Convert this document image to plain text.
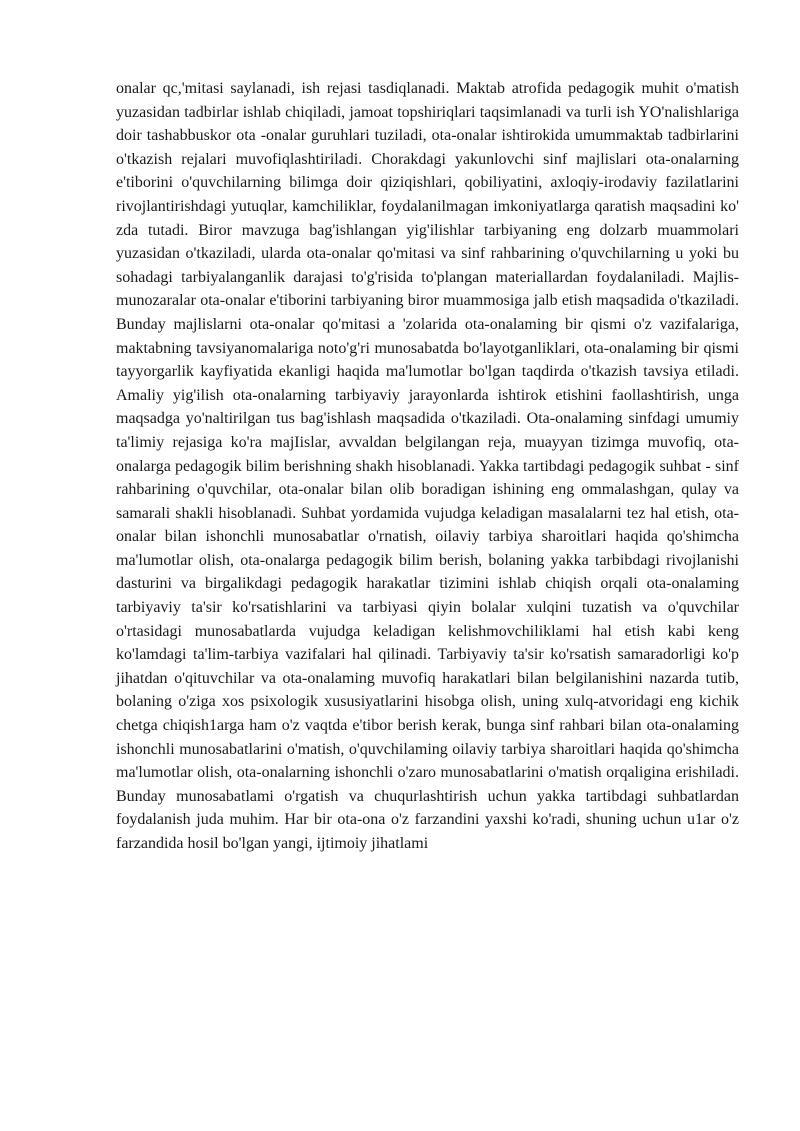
onalar qc,'mitasi saylanadi, ish rejasi tasdiqlanadi. Maktab atrofida pedagogik muhit o'matish yuzasidan tadbirlar ishlab chiqiladi, jamoat topshiriqlari taqsimlanadi va turli ish YO'nalishlariga doir tashabbuskor ota -onalar guruhlari tuziladi, ota-onalar ishtirokida umummaktab tadbirlarini o'tkazish rejalari muvofiqlashtiriladi. Chorakdagi yakunlovchi sinf majlislari ota-onalarning e'tiborini o'quvchilarning bilimga doir qiziqishlari, qobiliyatini, axloqiy-irodaviy fazilatlarini rivojlantirishdagi yutuqlar, kamchiliklar, foydalanilmagan imkoniyatlarga qaratish maqsadini ko' zda tutadi. Biror mavzuga bag'ishlangan yig'ilishlar tarbiyaning eng dolzarb muammolari yuzasidan o'tkaziladi, ularda ota-onalar qo'mitasi va sinf rahbarining o'quvchilarning u yoki bu sohadagi tarbiyalanganlik darajasi to'g'risida to'plangan materiallardan foydalaniladi. Majlis-munozaralar ota-onalar e'tiborini tarbiyaning biror muammosiga jalb etish maqsadida o'tkaziladi. Bunday majlislarni ota-onalar qo'mitasi a 'zolarida ota-onalaming bir qismi o'z vazifalariga, maktabning tavsiyanomalariga noto'g'ri munosabatda bo'layotganliklari, ota-onalaming bir qismi tayyorgarlik kayfiyatida ekanligi haqida ma'lumotlar bo'lgan taqdirda o'tkazish tavsiya etiladi. Amaliy yig'ilish ota-onalarning tarbiyaviy jarayonlarda ishtirok etishini faollashtirish, unga maqsadga yo'naltirilgan tus bag'ishlash maqsadida o'tkaziladi. Ota-onalaming sinfdagi umumiy ta'limiy rejasiga ko'ra majIislar, avvaldan belgilangan reja, muayyan tizimga muvofiq, ota-onalarga pedagogik bilim berishning shakh hisoblanadi. Yakka tartibdagi pedagogik suhbat - sinf rahbarining o'quvchilar, ota-onalar bilan olib boradigan ishining eng ommalashgan, qulay va samarali shakli hisoblanadi. Suhbat yordamida vujudga keladigan masalalarni tez hal etish, ota-onalar bilan ishonchli munosabatlar o'rnatish, oilaviy tarbiya sharoitlari haqida qo'shimcha ma'lumotlar olish, ota-onalarga pedagogik bilim berish, bolaning yakka tarbibdagi rivojlanishi dasturini va birgalikdagi pedagogik harakatlar tizimini ishlab chiqish orqali ota-onalaming tarbiyaviy ta'sir ko'rsatishlarini va tarbiyasi qiyin bolalar xulqini tuzatish va o'quvchilar o'rtasidagi munosabatlarda vujudga keladigan kelishmovchiliklami hal etish kabi keng ko'lamdagi ta'lim-tarbiya vazifalari hal qilinadi. Tarbiyaviy ta'sir ko'rsatish samaradorligi ko'p jihatdan o'qituvchilar va ota-onalaming muvofiq harakatlari bilan belgilanishini nazarda tutib, bolaning o'ziga xos psixologik xususiyatlarini hisobga olish, uning xulq-atvoridagi eng kichik chetga chiqish1arga ham o'z vaqtda e'tibor berish kerak, bunga sinf rahbari bilan ota-onalaming ishonchli munosabatlarini o'matish, o'quvchilaming oilaviy tarbiya sharoitlari haqida qo'shimcha ma'lumotlar olish, ota-onalarning ishonchli o'zaro munosabatlarini o'matish orqaligina erishiladi. Bunday munosabatlami o'rgatish va chuqurlashtirish uchun yakka tartibdagi suhbatlardan foydalanish juda muhim. Har bir ota-ona o'z farzandini yaxshi ko'radi, shuning uchun u1ar o'z farzandida hosil bo'lgan yangi, ijtimoiy jihatlami
